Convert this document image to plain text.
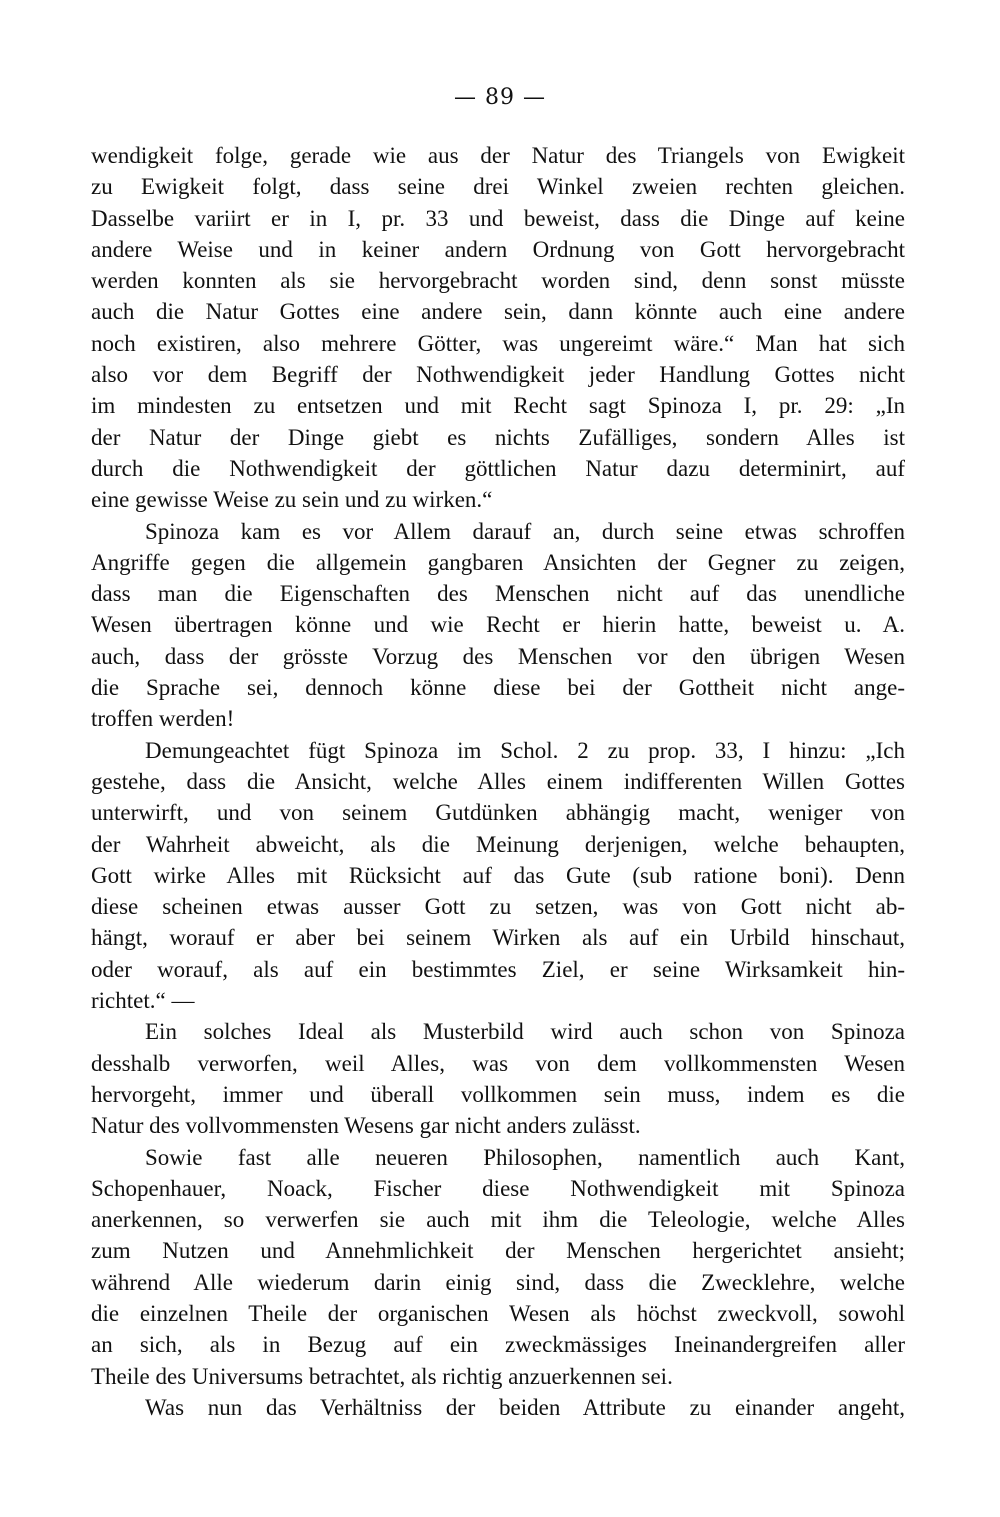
— 89 —
wendigkeit folge, gerade wie aus der Natur des Triangels von Ewigkeit
zu Ewigkeit folgt, dass seine drei Winkel zweien rechten gleichen.
Dasselbe variirt er in I, pr. 33 und beweist, dass die Dinge auf keine
andere Weise und in keiner andern Ordnung von Gott hervorgebracht
werden konnten als sie hervorgebracht worden sind, denn sonst müsste
auch die Natur Gottes eine andere sein, dann könnte auch eine andere
noch existiren, also mehrere Götter, was ungereimt wäre.“ Man hat sich
also vor dem Begriff der Nothwendigkeit jeder Handlung Gottes nicht
im mindesten zu entsetzen und mit Recht sagt Spinoza I, pr. 29: „In
der Natur der Dinge giebt es nichts Zufälliges, sondern Alles ist
durch die Nothwendigkeit der göttlichen Natur dazu determinirt, auf
eine gewisse Weise zu sein und zu wirken.“
Spinoza kam es vor Allem darauf an, durch seine etwas schroffen
Angriffe gegen die allgemein gangbaren Ansichten der Gegner zu zeigen,
dass man die Eigenschaften des Menschen nicht auf das unendliche
Wesen übertragen könne und wie Recht er hierin hatte, beweist u. A.
auch, dass der grösste Vorzug des Menschen vor den übrigen Wesen
die Sprache sei, dennoch könne diese bei der Gottheit nicht ange-
troffen werden!
Demungeachtet fügt Spinoza im Schol. 2 zu prop. 33, I hinzu: „Ich
gestehe, dass die Ansicht, welche Alles einem indifferenten Willen Gottes
unterwirft, und von seinem Gutdünken abhängig macht, weniger von
der Wahrheit abweicht, als die Meinung derjenigen, welche behaupten,
Gott wirke Alles mit Rücksicht auf das Gute (sub ratione boni). Denn
diese scheinen etwas ausser Gott zu setzen, was von Gott nicht ab-
hängt, worauf er aber bei seinem Wirken als auf ein Urbild hinschaut,
oder worauf, als auf ein bestimmtes Ziel, er seine Wirksamkeit hin-
richtet.“ —
Ein solches Ideal als Musterbild wird auch schon von Spinoza
desshalb verworfen, weil Alles, was von dem vollkommensten Wesen
hervorgeht, immer und überall vollkommen sein muss, indem es die
Natur des vollvommensten Wesens gar nicht anders zulässt.
Sowie fast alle neueren Philosophen, namentlich auch Kant,
Schopenhauer, Noack, Fischer diese Nothwendigkeit mit Spinoza
anerkennen, so verwerfen sie auch mit ihm die Teleologie, welche Alles
zum Nutzen und Annehmlichkeit der Menschen hergerichtet ansieht;
während Alle wiederum darin einig sind, dass die Zwecklehre, welche
die einzelnen Theile der organischen Wesen als höchst zweckvoll, sowohl
an sich, als in Bezug auf ein zweckmässiges Ineinandergreifen aller
Theile des Universums betrachtet, als richtig anzuerkennen sei.
Was nun das Verhältniss der beiden Attribute zu einander angeht,
